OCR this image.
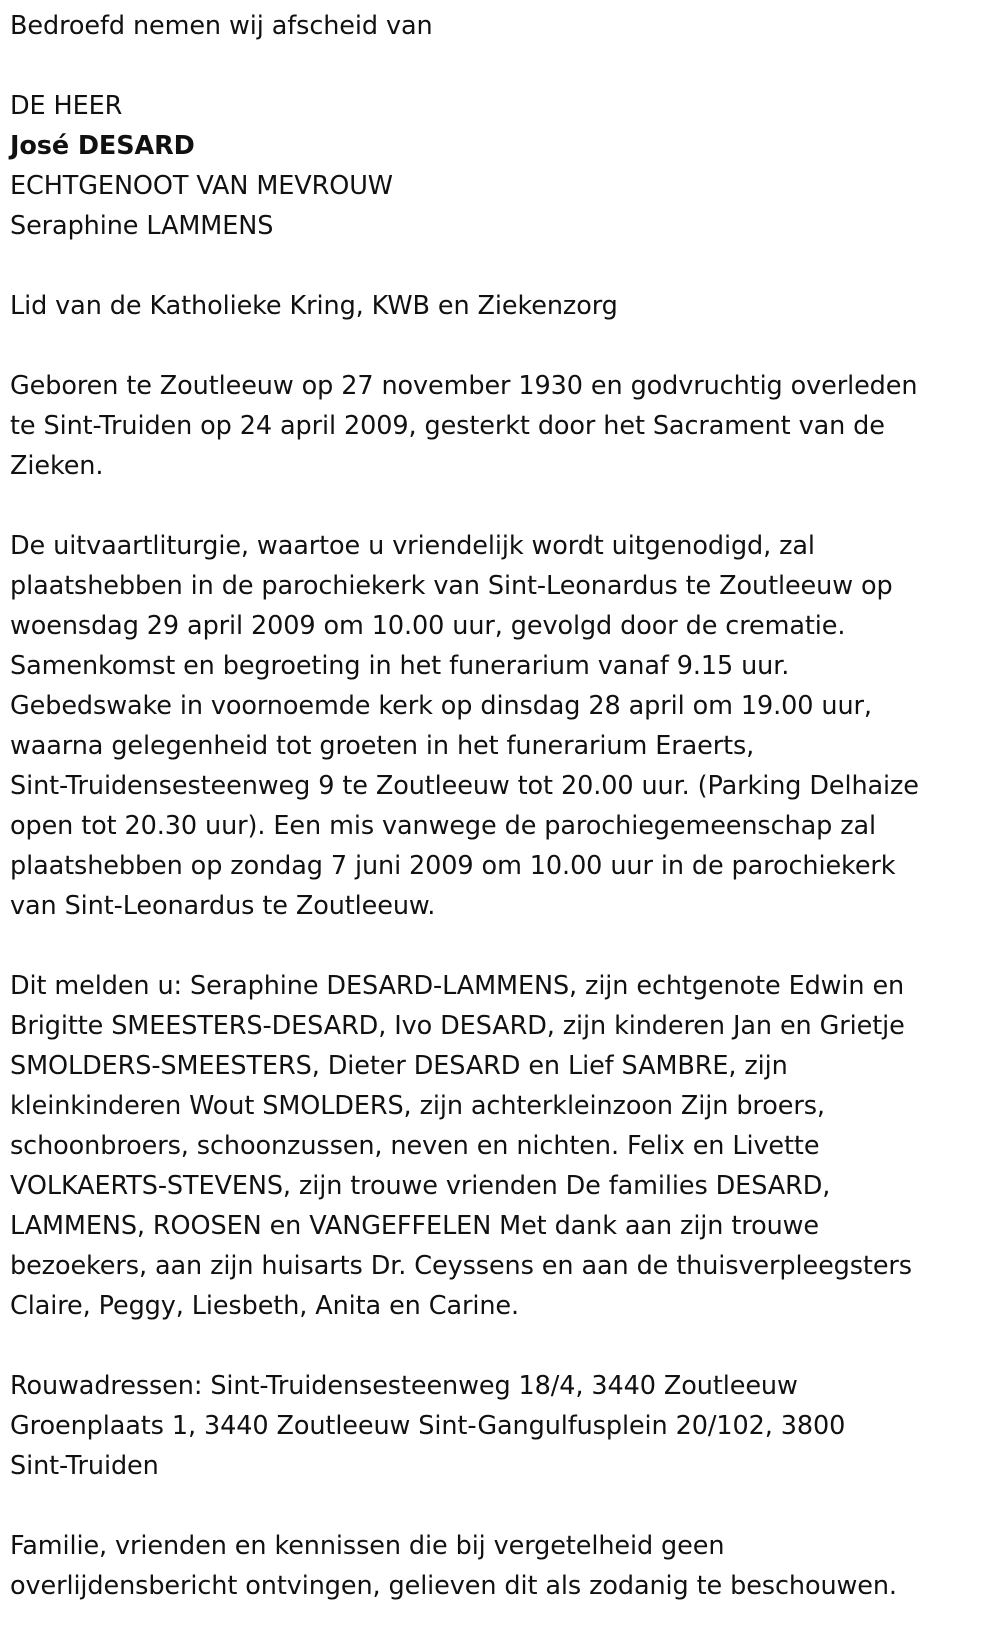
Bedroefd nemen wij afscheid van
DE HEER
José DESARD
ECHTGENOOT VAN MEVROUW
Seraphine LAMMENS
Lid van de Katholieke Kring, KWB en Ziekenzorg
Geboren te Zoutleeuw op 27 november 1930 en godvruchtig overleden
te Sint-Truiden op 24 april 2009, gesterkt door het Sacrament van de
Zieken.
De uitvaartliturgie, waartoe u vriendelijk wordt uitgenodigd, zal
plaatshebben in de parochiekerk van Sint-Leonardus te Zoutleeuw op
woensdag 29 april 2009 om 10.00 uur, gevolgd door de crematie.
Samenkomst en begroeting in het funerarium vanaf 9.15 uur.
Gebedswake in voornoemde kerk op dinsdag 28 april om 19.00 uur,
waarna gelegenheid tot groeten in het funerarium Eraerts,
Sint-Truidensesteenweg 9 te Zoutleeuw tot 20.00 uur. (Parking Delhaize
open tot 20.30 uur). Een mis vanwege de parochiegemeenschap zal
plaatshebben op zondag 7 juni 2009 om 10.00 uur in de parochiekerk
van Sint-Leonardus te Zoutleeuw.
Dit melden u: Seraphine DESARD-LAMMENS, zijn echtgenote Edwin en
Brigitte SMEESTERS-DESARD, Ivo DESARD, zijn kinderen Jan en Grietje
SMOLDERS-SMEESTERS, Dieter DESARD en Lief SAMBRE, zijn
kleinkinderen Wout SMOLDERS, zijn achterkleinzoon Zijn broers,
schoonbroers, schoonzussen, neven en nichten. Felix en Livette
VOLKAERTS-STEVENS, zijn trouwe vrienden De families DESARD,
LAMMENS, ROOSEN en VANGEFFELEN Met dank aan zijn trouwe
bezoekers, aan zijn huisarts Dr. Ceyssens en aan de thuisverpleegsters
Claire, Peggy, Liesbeth, Anita en Carine.
Rouwadressen: Sint-Truidensesteenweg 18/4, 3440 Zoutleeuw
Groenplaats 1, 3440 Zoutleeuw Sint-Gangulfusplein 20/102, 3800
Sint-Truiden
Familie, vrienden en kennissen die bij vergetelheid geen
overlijdensbericht ontvingen, gelieven dit als zodanig te beschouwen.
